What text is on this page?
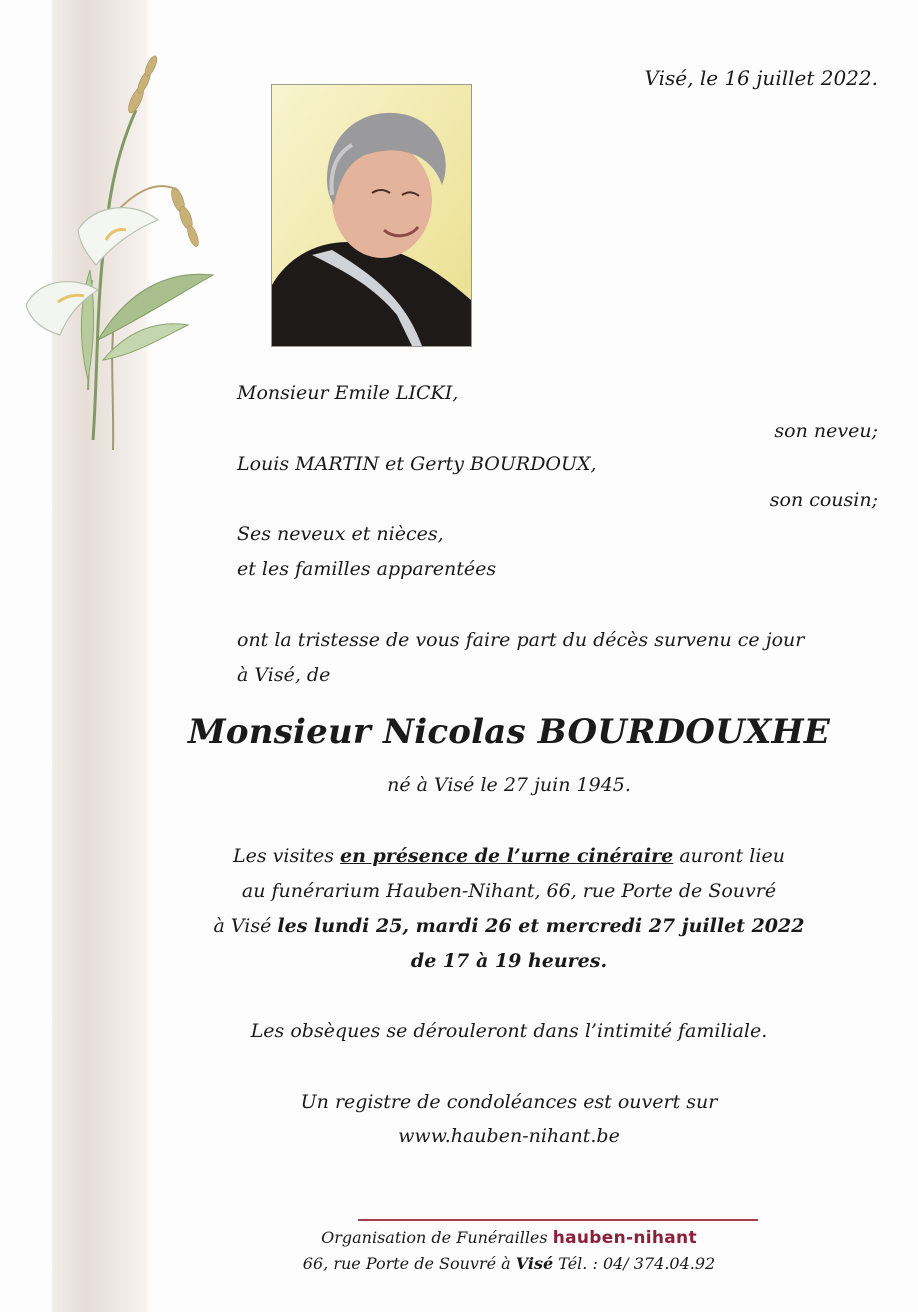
Visé, le 16 juillet 2022.
Monsieur Emile LICKI,
son neveu;
Louis MARTIN et Gerty BOURDOUX,
son cousin;
Ses neveux et nièces,
et les familles apparentées
ont la tristesse de vous faire part du décès survenu ce jour
à Visé, de
Monsieur Nicolas BOURDOUXHE
né à Visé le 27 juin 1945.
Les visites en présence de l’urne cinéraire auront lieu
au funérarium Hauben-Nihant, 66, rue Porte de Souvré
à Visé les lundi 25, mardi 26 et mercredi 27 juillet 2022
de 17 à 19 heures.
Les obsèques se dérouleront dans l’intimité familiale.
Un registre de condoléances est ouvert sur
www.hauben-nihant.be
Organisation de Funérailles hauben-nihant
66, rue Porte de Souvré à Visé Tél. : 04/ 374.04.92
